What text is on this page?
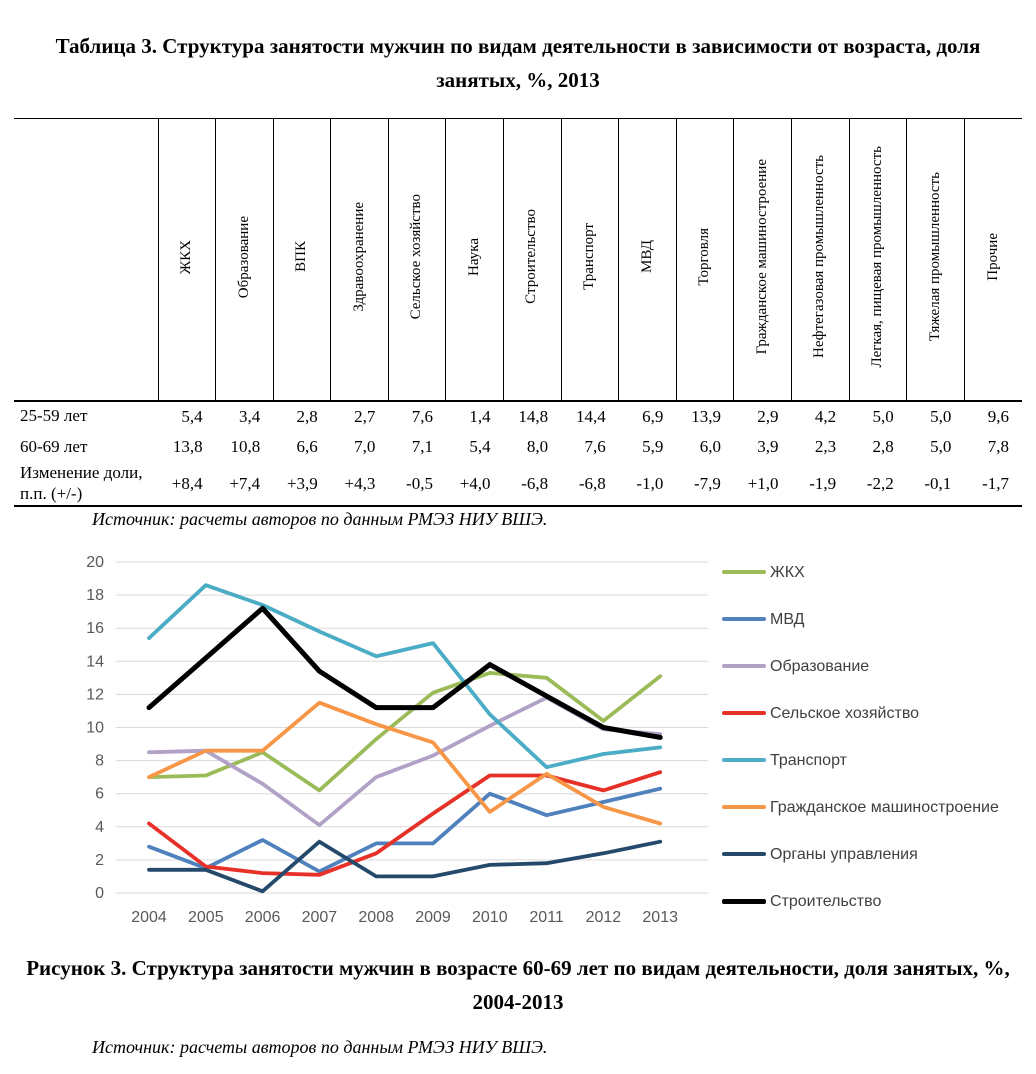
Таблица 3. Структура занятости мужчин по видам деятельности в зависимости от возраста, доля занятых, %, 2013
	ЖКХ	Образование	ВПК	Здравоохранение	Сельское хозяйство	Наука	Строительство	Транспорт	МВД	Торговля	Гражданское машиностроение	Нефтегазовая промышленность	Легкая, пищевая промышленность	Тяжелая промышленность	Прочие
25-59 лет	5,4	3,4	2,8	2,7	7,6	1,4	14,8	14,4	6,9	13,9	2,9	4,2	5,0	5,0	9,6
60-69 лет	13,8	10,8	6,6	7,0	7,1	5,4	8,0	7,6	5,9	6,0	3,9	2,3	2,8	5,0	7,8
Изменение доли, п.п. (+/-)	+8,4	+7,4	+3,9	+4,3	-0,5	+4,0	-6,8	-6,8	-1,0	-7,9	+1,0	-1,9	-2,2	-0,1	-1,7
Источник: расчеты авторов по данным РМЭЗ НИУ ВШЭ.
0
2
4
6
8
10
12
14
16
18
20
2004 2005 2006 2007 2008 2009 2010 2011 2012 2013
ЖКХ
МВД
Образование
Сельское хозяйство
Транспорт
Гражданское машиностроение
Органы управления
Строительство
Рисунок 3. Структура занятости мужчин в возрасте 60-69 лет по видам деятельности, доля занятых, %, 2004-2013
Источник: расчеты авторов по данным РМЭЗ НИУ ВШЭ.
